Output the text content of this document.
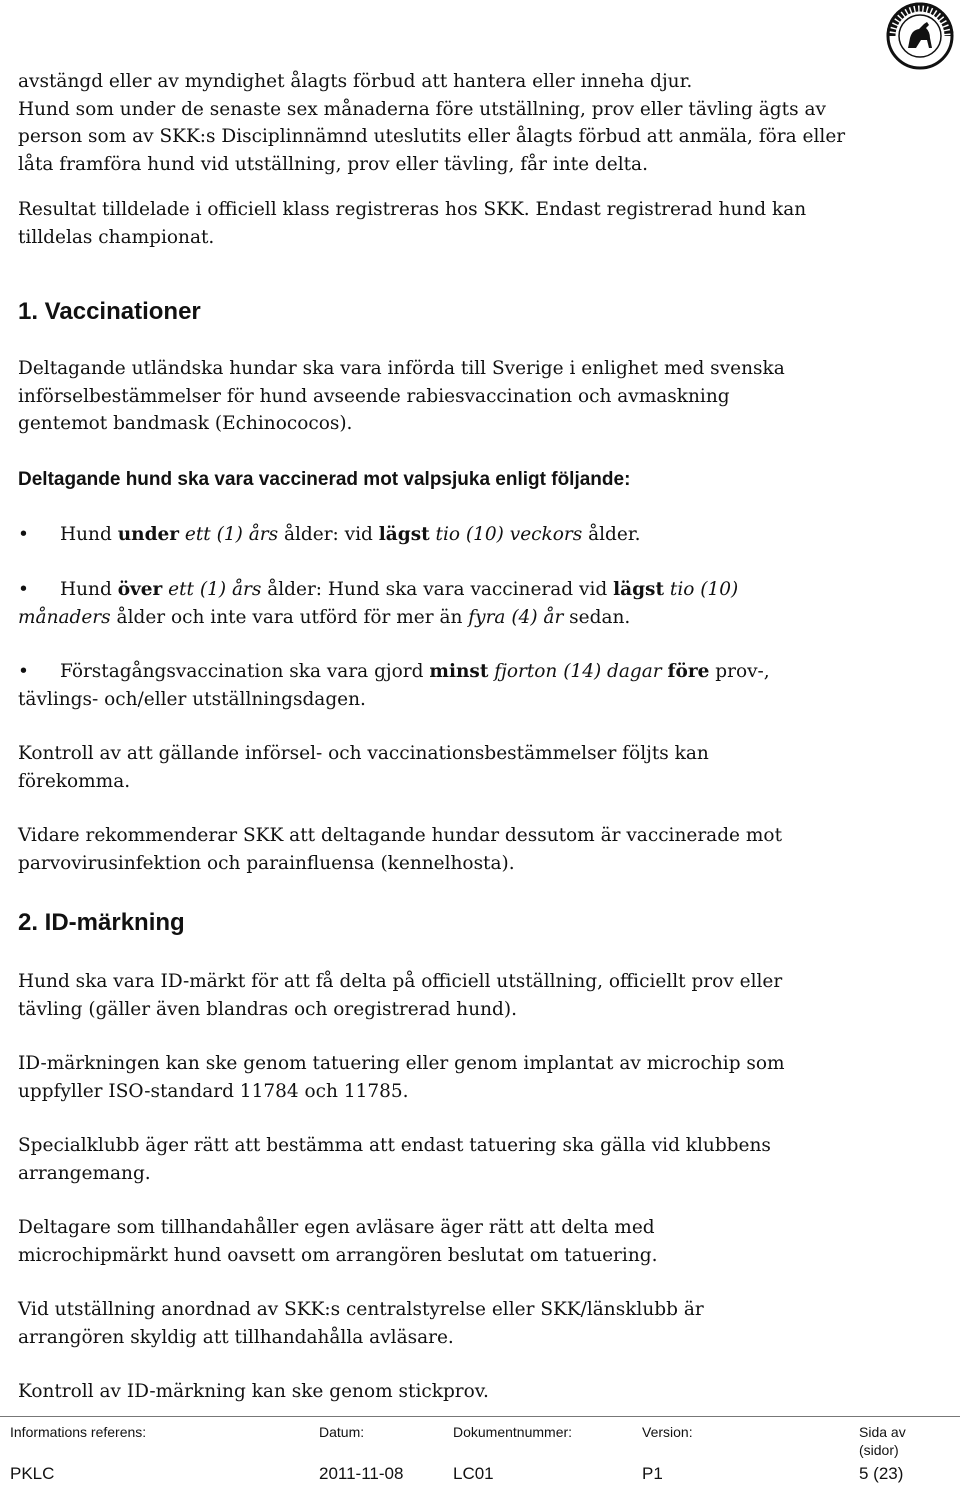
avstängd eller av myndighet ålagts förbud att hantera eller inneha djur.
Hund som under de senaste sex månaderna före utställning, prov eller tävling ägts av
person som av SKK:s Disciplinnämnd uteslutits eller ålagts förbud att anmäla, föra eller
låta framföra hund vid utställning, prov eller tävling, får inte delta.
Resultat tilldelade i officiell klass registreras hos SKK. Endast registrerad hund kan
tilldelas championat.
1. Vaccinationer
Deltagande utländska hundar ska vara införda till Sverige i enlighet med svenska
införselbestämmelser för hund avseende rabiesvaccination och avmaskning
gentemot bandmask (Echinococos).
Deltagande hund ska vara vaccinerad mot valpsjuka enligt följande:
• Hund under ett (1) års ålder: vid lägst tio (10) veckors ålder.
• Hund över ett (1) års ålder: Hund ska vara vaccinerad vid lägst tio (10)
månaders ålder och inte vara utförd för mer än fyra (4) år sedan.
• Förstagångsvaccination ska vara gjord minst fjorton (14) dagar före prov-,
tävlings- och/eller utställningsdagen.
Kontroll av att gällande införsel- och vaccinationsbestämmelser följts kan
förekomma.
Vidare rekommenderar SKK att deltagande hundar dessutom är vaccinerade mot
parvovirusinfektion och parainfluensa (kennelhosta).
2. ID-märkning
Hund ska vara ID-märkt för att få delta på officiell utställning, officiellt prov eller
tävling (gäller även blandras och oregistrerad hund).
ID-märkningen kan ske genom tatuering eller genom implantat av microchip som
uppfyller ISO-standard 11784 och 11785.
Specialklubb äger rätt att bestämma att endast tatuering ska gälla vid klubbens
arrangemang.
Deltagare som tillhandahåller egen avläsare äger rätt att delta med
microchipmärkt hund oavsett om arrangören beslutat om tatuering.
Vid utställning anordnad av SKK:s centralstyrelse eller SKK/länsklubb är
arrangören skyldig att tillhandahålla avläsare.
Kontroll av ID-märkning kan ske genom stickprov.
Informations referens:	Datum:	Dokumentnummer:	Version:	Sida av
(sidor)
PKLC	2011-11-08	LC01	P1	5 (23)
